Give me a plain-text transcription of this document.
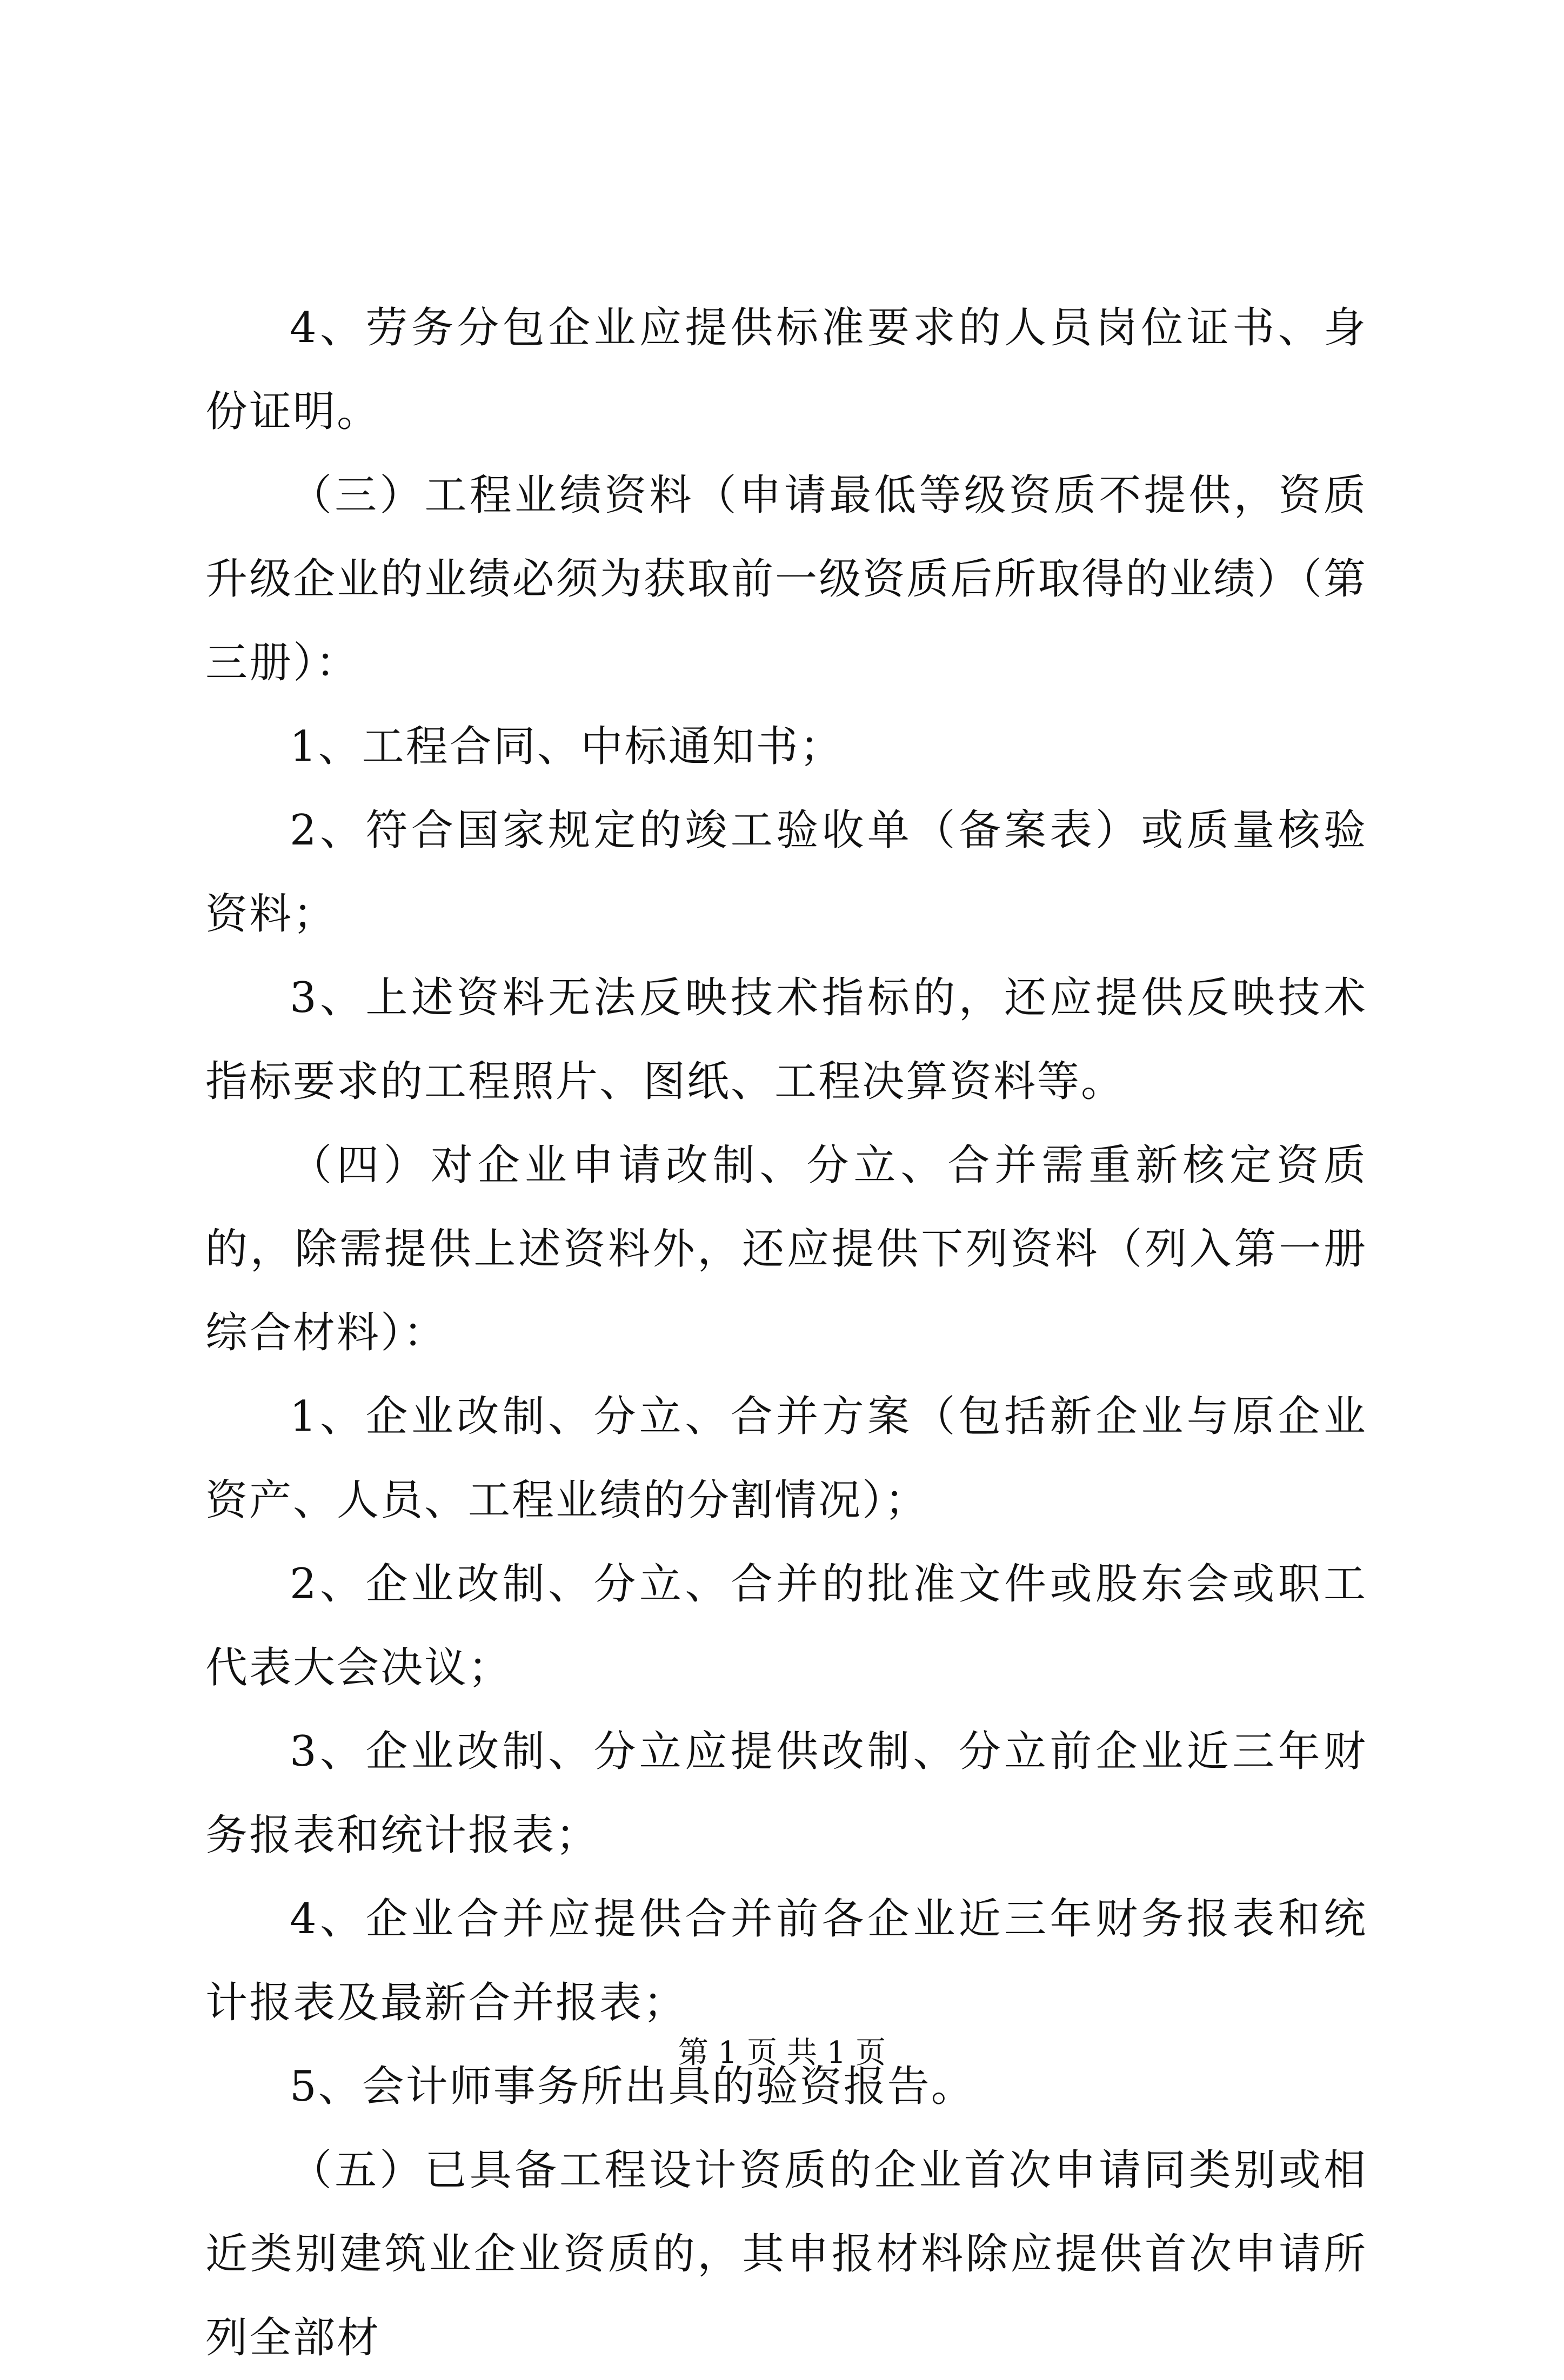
4、劳务分包企业应提供标准要求的人员岗位证书、身份证明。

（三）工程业绩资料（申请最低等级资质不提供，资质升级企业的业绩必须为获取前一级资质后所取得的业绩）（第三册）：

1、工程合同、中标通知书；

2、符合国家规定的竣工验收单（备案表）或质量核验资料；

3、上述资料无法反映技术指标的，还应提供反映技术指标要求的工程照片、图纸、工程决算资料等。

（四）对企业申请改制、分立、合并需重新核定资质的，除需提供上述资料外，还应提供下列资料（列入第一册综合材料）：

1、企业改制、分立、合并方案（包括新企业与原企业资产、人员、工程业绩的分割情况）；

2、企业改制、分立、合并的批准文件或股东会或职工代表大会决议；

3、企业改制、分立应提供改制、分立前企业近三年财务报表和统计报表；

4、企业合并应提供合并前各企业近三年财务报表和统计报表及最新合并报表；

5、会计师事务所出具的验资报告。

（五）已具备工程设计资质的企业首次申请同类别或相近类别建筑业企业资质的，其申报材料除应提供首次申请所列全部材

第 1 页 共 1 页
